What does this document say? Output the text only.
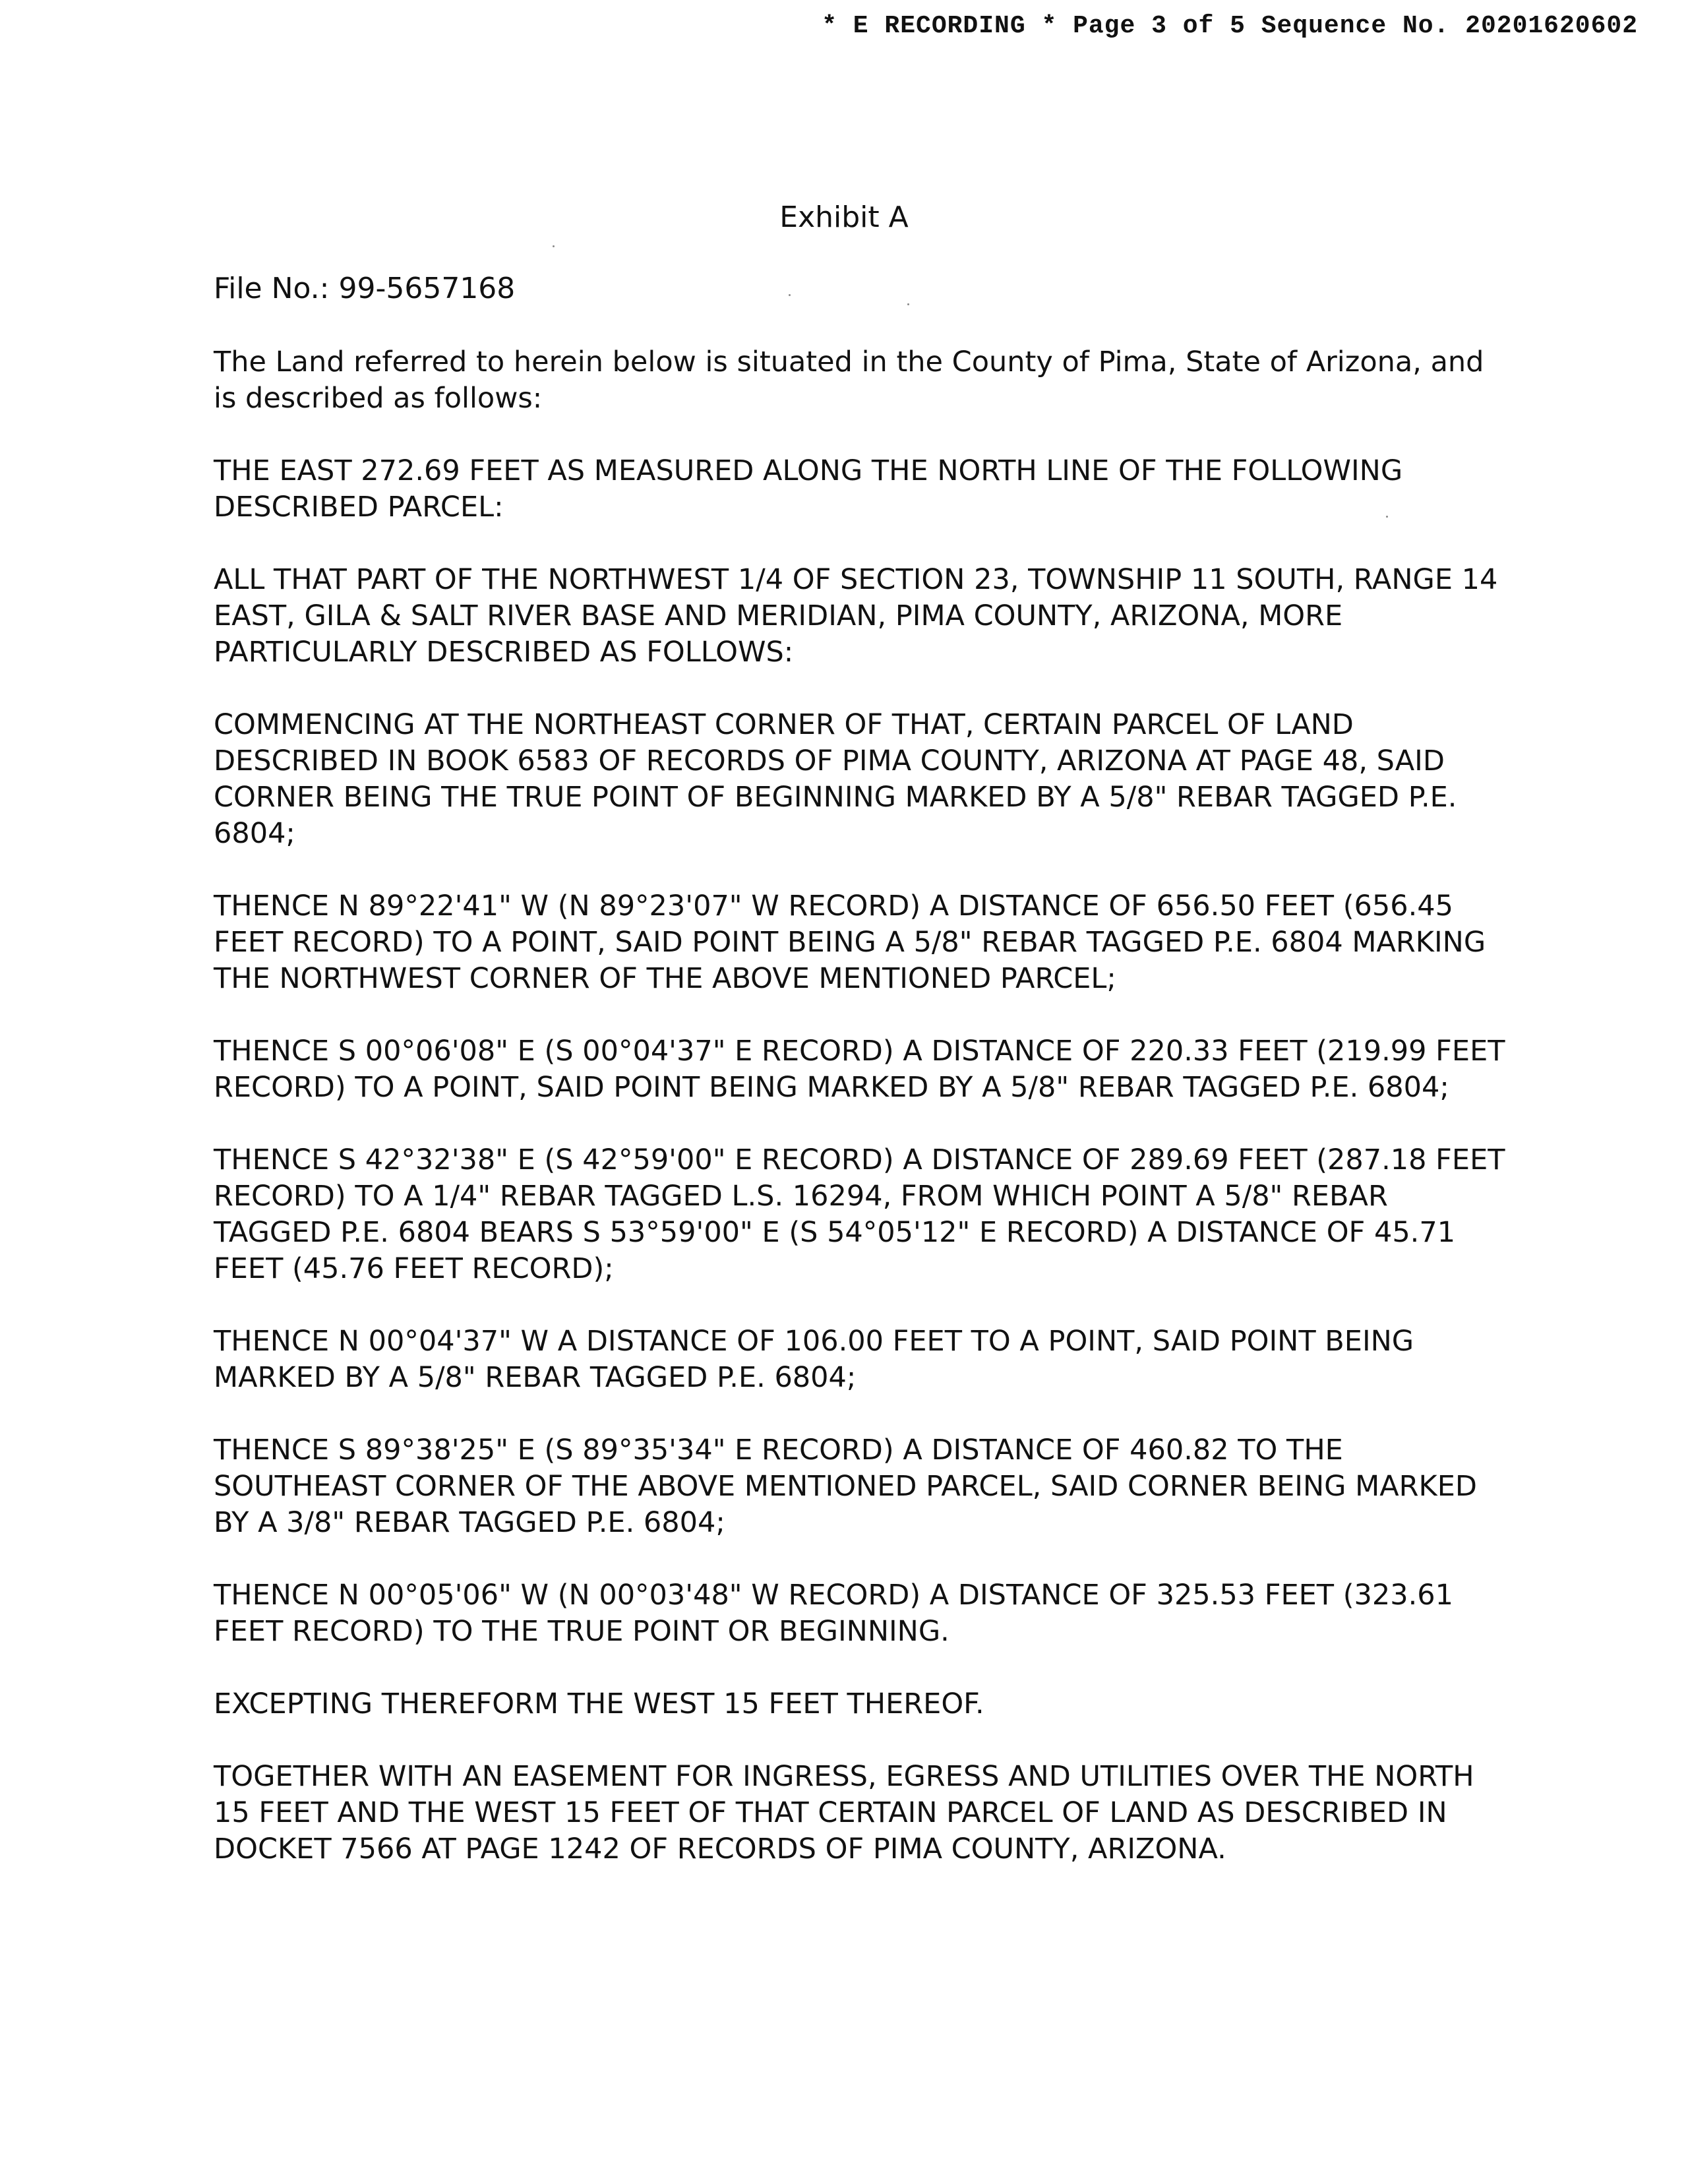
* E RECORDING * Page 3 of 5 Sequence No. 20201620602
Exhibit A
File No.: 99-5657168

The Land referred to herein below is situated in the County of Pima, State of Arizona, and is described as follows:

THE EAST 272.69 FEET AS MEASURED ALONG THE NORTH LINE OF THE FOLLOWING DESCRIBED PARCEL:

ALL THAT PART OF THE NORTHWEST 1/4 OF SECTION 23, TOWNSHIP 11 SOUTH, RANGE 14 EAST, GILA & SALT RIVER BASE AND MERIDIAN, PIMA COUNTY, ARIZONA, MORE PARTICULARLY DESCRIBED AS FOLLOWS:

COMMENCING AT THE NORTHEAST CORNER OF THAT, CERTAIN PARCEL OF LAND DESCRIBED IN BOOK 6583 OF RECORDS OF PIMA COUNTY, ARIZONA AT PAGE 48, SAID CORNER BEING THE TRUE POINT OF BEGINNING MARKED BY A 5/8" REBAR TAGGED P.E. 6804;

THENCE N 89°22'41" W (N 89°23'07" W RECORD) A DISTANCE OF 656.50 FEET (656.45 FEET RECORD) TO A POINT, SAID POINT BEING A 5/8" REBAR TAGGED P.E. 6804 MARKING THE NORTHWEST CORNER OF THE ABOVE MENTIONED PARCEL;

THENCE S 00°06'08" E (S 00°04'37" E RECORD) A DISTANCE OF 220.33 FEET (219.99 FEET RECORD) TO A POINT, SAID POINT BEING MARKED BY A 5/8" REBAR TAGGED P.E. 6804;

THENCE S 42°32'38" E (S 42°59'00" E RECORD) A DISTANCE OF 289.69 FEET (287.18 FEET RECORD) TO A 1/4" REBAR TAGGED L.S. 16294, FROM WHICH POINT A 5/8" REBAR TAGGED P.E. 6804 BEARS S 53°59'00" E (S 54°05'12" E RECORD) A DISTANCE OF 45.71 FEET (45.76 FEET RECORD);

THENCE N 00°04'37" W A DISTANCE OF 106.00 FEET TO A POINT, SAID POINT BEING MARKED BY A 5/8" REBAR TAGGED P.E. 6804;

THENCE S 89°38'25" E (S 89°35'34" E RECORD) A DISTANCE OF 460.82 TO THE SOUTHEAST CORNER OF THE ABOVE MENTIONED PARCEL, SAID CORNER BEING MARKED BY A 3/8" REBAR TAGGED P.E. 6804;

THENCE N 00°05'06" W (N 00°03'48" W RECORD) A DISTANCE OF 325.53 FEET (323.61 FEET RECORD) TO THE TRUE POINT OR BEGINNING.

EXCEPTING THEREFORM THE WEST 15 FEET THEREOF.

TOGETHER WITH AN EASEMENT FOR INGRESS, EGRESS AND UTILITIES OVER THE NORTH 15 FEET AND THE WEST 15 FEET OF THAT CERTAIN PARCEL OF LAND AS DESCRIBED IN DOCKET 7566 AT PAGE 1242 OF RECORDS OF PIMA COUNTY, ARIZONA.
